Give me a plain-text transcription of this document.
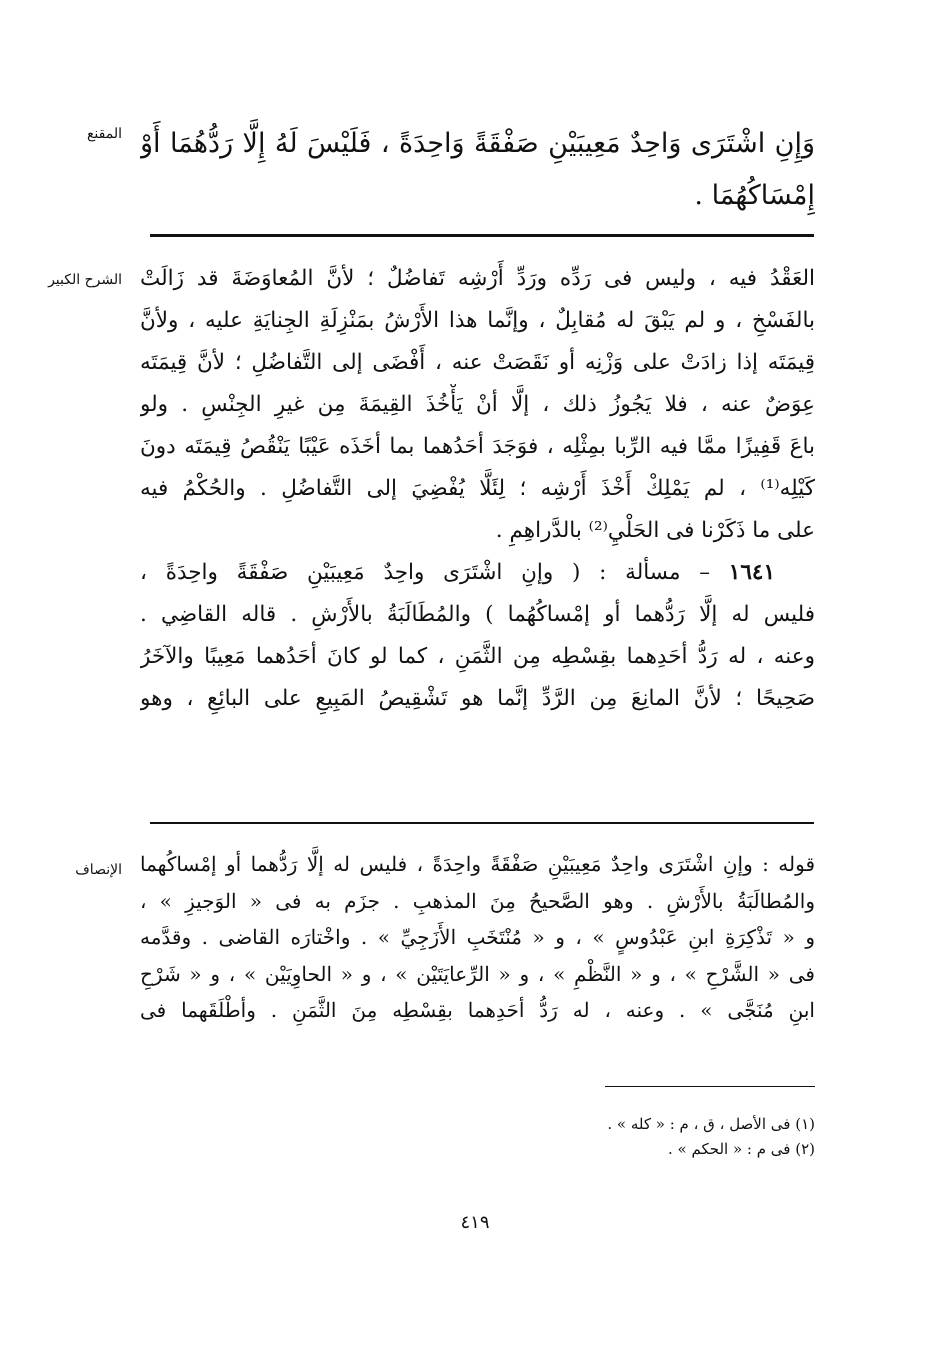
المقنع وَإِنِ اشْتَرَى وَاحِدٌ مَعِيبَيْنِ صَفْقَةً وَاحِدَةً ، فَلَيْسَ لَهُ إِلَّا رَدُّهُمَا أَوْ
إِمْسَاكُهُمَا .
الشرح الكبير العَقْدُ فيه ، وليس فى رَدِّه ورَدِّ أَرْشِه تَفاضُلٌ ؛ لأنَّ المُعاوَضَةَ قد زَالَتْ
بالفَسْخِ ، و لم يَبْقَ له مُقابِلٌ ، وإنَّما هذا الأَرْشُ بمَنْزِلَةِ الجِنايَةِ عليه ، ولأنَّ
قِيمَتَه إذا زادَتْ على وَزْنِه أو نَقَصَتْ عنه ، أَفْضَى إلى التَّفاضُلِ ؛ لأنَّ قِيمَتَه
عِوَضٌ عنه ، فلا يَجُوزُ ذلك ، إلَّا أنْ يَأْخُذَ القِيمَةَ مِن غيرِ الجِنْسِ . ولو
باعَ قَفِيزًا ممَّا فيه الرِّبا بمِثْلِه ، فوَجَدَ أحَدُهما بما أخَذَه عَيْبًا يَنْقُصُ قِيمَتَه دونَ
كَيْلِه⁽¹⁾ ، لم يَمْلِكْ أَخْذَ أَرْشِه ؛ لِئَلَّا يُفْضِيَ إلى التَّفاضُلِ . والحُكْمُ فيه
على ما ذَكَرْنا فى الحَلْيِ⁽²⁾ بالدَّراهِمِ .
١٦٤١ – مسألة : ( وإنِ اشْتَرَى واحِدٌ مَعِيبَيْنِ صَفْقَةً واحِدَةً ،
فليس له إلَّا رَدُّهما أو إمْساكُهُما ) والمُطَالَبَةُ بالأَرْشِ . قاله القاضِي .
وعنه ، له رَدُّ أحَدِهما بقِسْطِه مِن الثَّمَنِ ، كما لو كانَ أحَدُهما مَعِيبًا والآخَرُ
صَحِيحًا ؛ لأنَّ المانِعَ مِن الرَّدِّ إنَّما هو تَشْقِيصُ المَبِيعِ على البائِعِ ، وهو
الإنصاف قوله : وإنِ اشْتَرَى واحِدٌ مَعِيبَيْنِ صَفْقَةً واحِدَةً ، فليس له إلَّا رَدُّهما أو إمْساكُهما
والمُطالَبَةُ بالأَرْشِ . وهو الصَّحيحُ مِنَ المذهبِ . جزَم به فى « الوَجيزِ » ،
و « تَذْكِرَةِ ابنِ عَبْدُوسٍ » ، و « مُنْتَخَبِ الأَزَجِيِّ » . واخْتارَه القاضى . وقدَّمه
فى « الشَّرْحِ » ، و « النَّظْمِ » ، و « الرِّعايَتَيْن » ، و « الحاوِيَيْن » ، و « شَرْحِ
ابنِ مُنَجَّى » . وعنه ، له رَدُّ أحَدِهما بقِسْطِه مِنَ الثَّمَنِ . وأطْلَقَهما فى
(١) فى الأصل ، ق ، م : « كله » .
(٢) فى م : « الحكم » .
٤١٩
